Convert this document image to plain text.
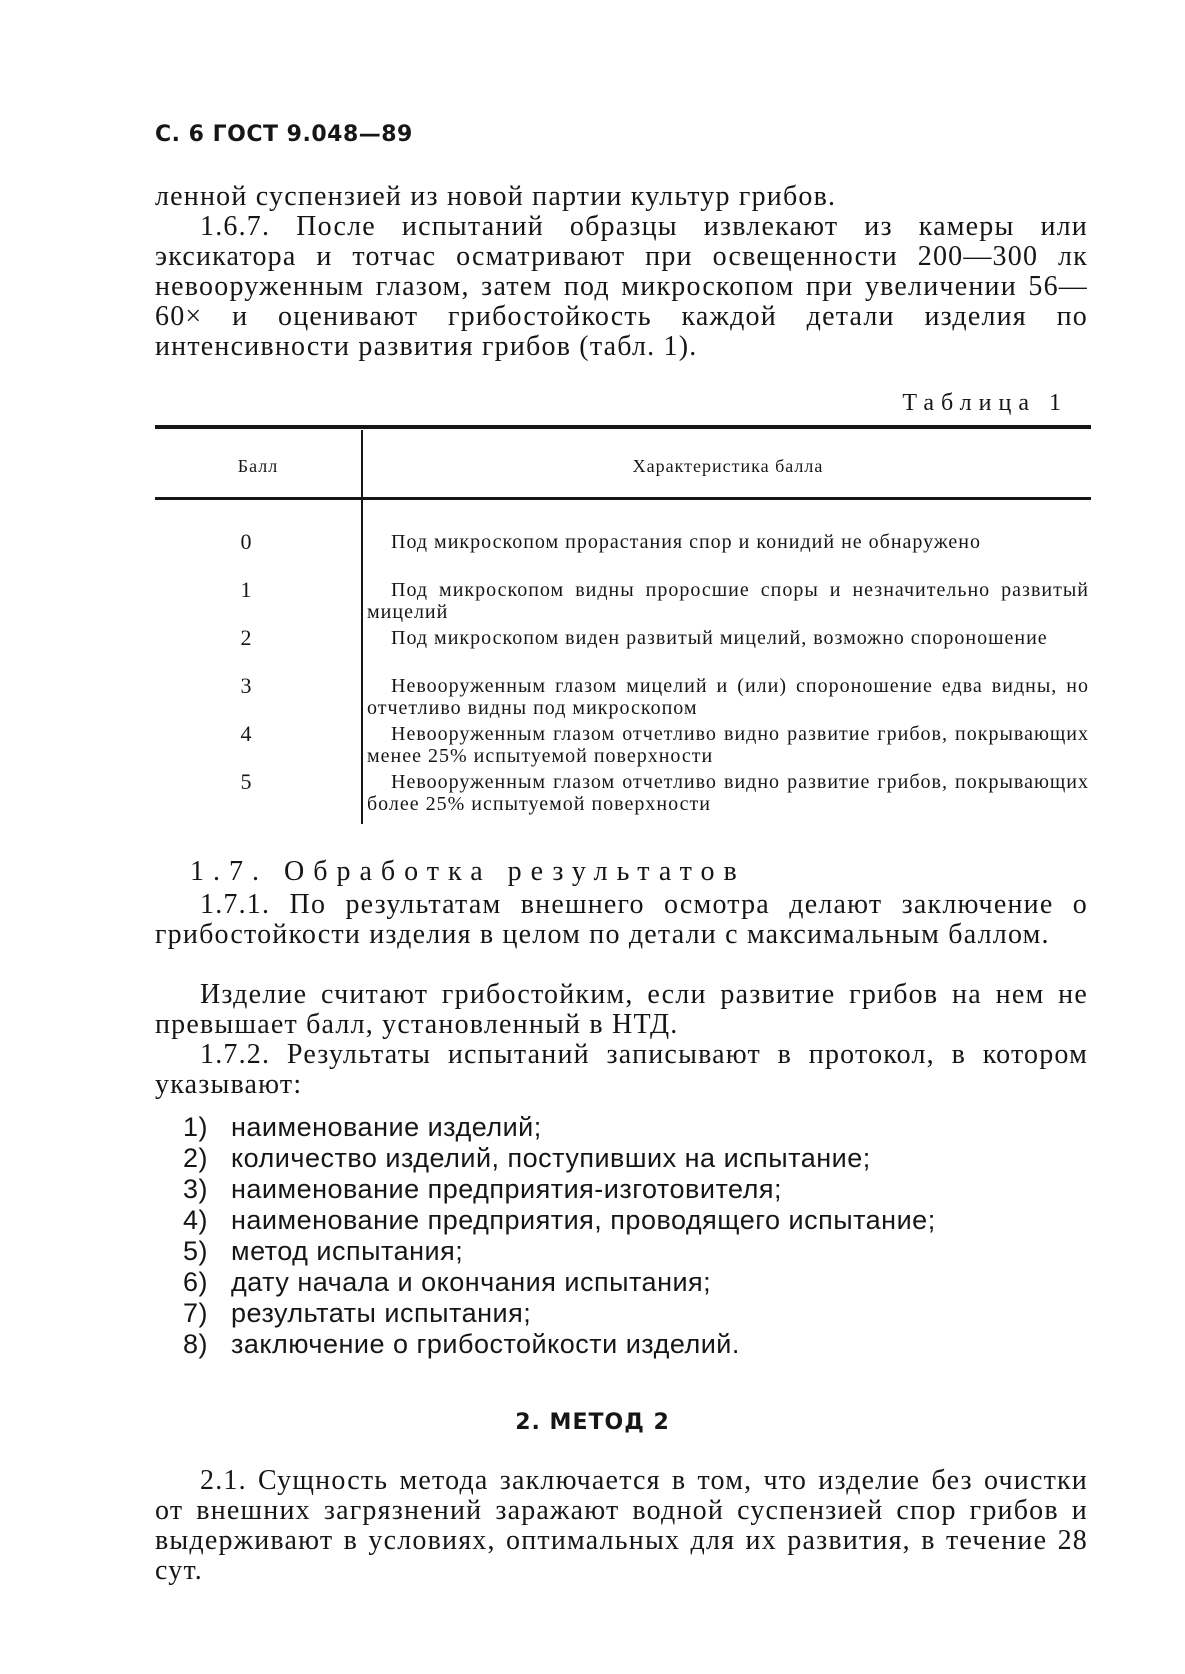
С. 6 ГОСТ 9.048—89

ленной суспензией из новой партии культур грибов.

1.6.7. После испытаний образцы извлекают из камеры или эксикатора и тотчас осматривают при освещенности 200—300 лк невооруженным глазом, затем под микроскопом при увеличении 56—60× и оценивают грибостойкость каждой детали изделия по интенсивности развития грибов (табл. 1).

Таблица 1
Балл	Характеристика балла
0	Под микроскопом прорастания спор и конидий не обнаружено
1	Под микроскопом видны проросшие споры и незначительно развитый мицелий
2	Под микроскопом виден развитый мицелий, возможно спороношение
3	Невооруженным глазом мицелий и (или) спороношение едва видны, но отчетливо видны под микроскопом
4	Невооруженным глазом отчетливо видно развитие грибов, покрывающих менее 25% испытуемой поверхности
5	Невооруженным глазом отчетливо видно развитие грибов, покрывающих более 25% испытуемой поверхности
1.7. Обработка результатов

1.7.1. По результатам внешнего осмотра делают заключение о грибостойкости изделия в целом по детали с максимальным баллом.

Изделие считают грибостойким, если развитие грибов на нем не превышает балл, установленный в НТД.

1.7.2. Результаты испытаний записывают в протокол, в котором указывают:

1) наименование изделий;
2) количество изделий, поступивших на испытание;
3) наименование предприятия-изготовителя;
4) наименование предприятия, проводящего испытание;
5) метод испытания;
6) дату начала и окончания испытания;
7) результаты испытания;
8) заключение о грибостойкости изделий.
2. МЕТОД 2

2.1. Сущность метода заключается в том, что изделие без очистки от внешних загрязнений заражают водной суспензией спор грибов и выдерживают в условиях, оптимальных для их развития, в течение 28 сут.
